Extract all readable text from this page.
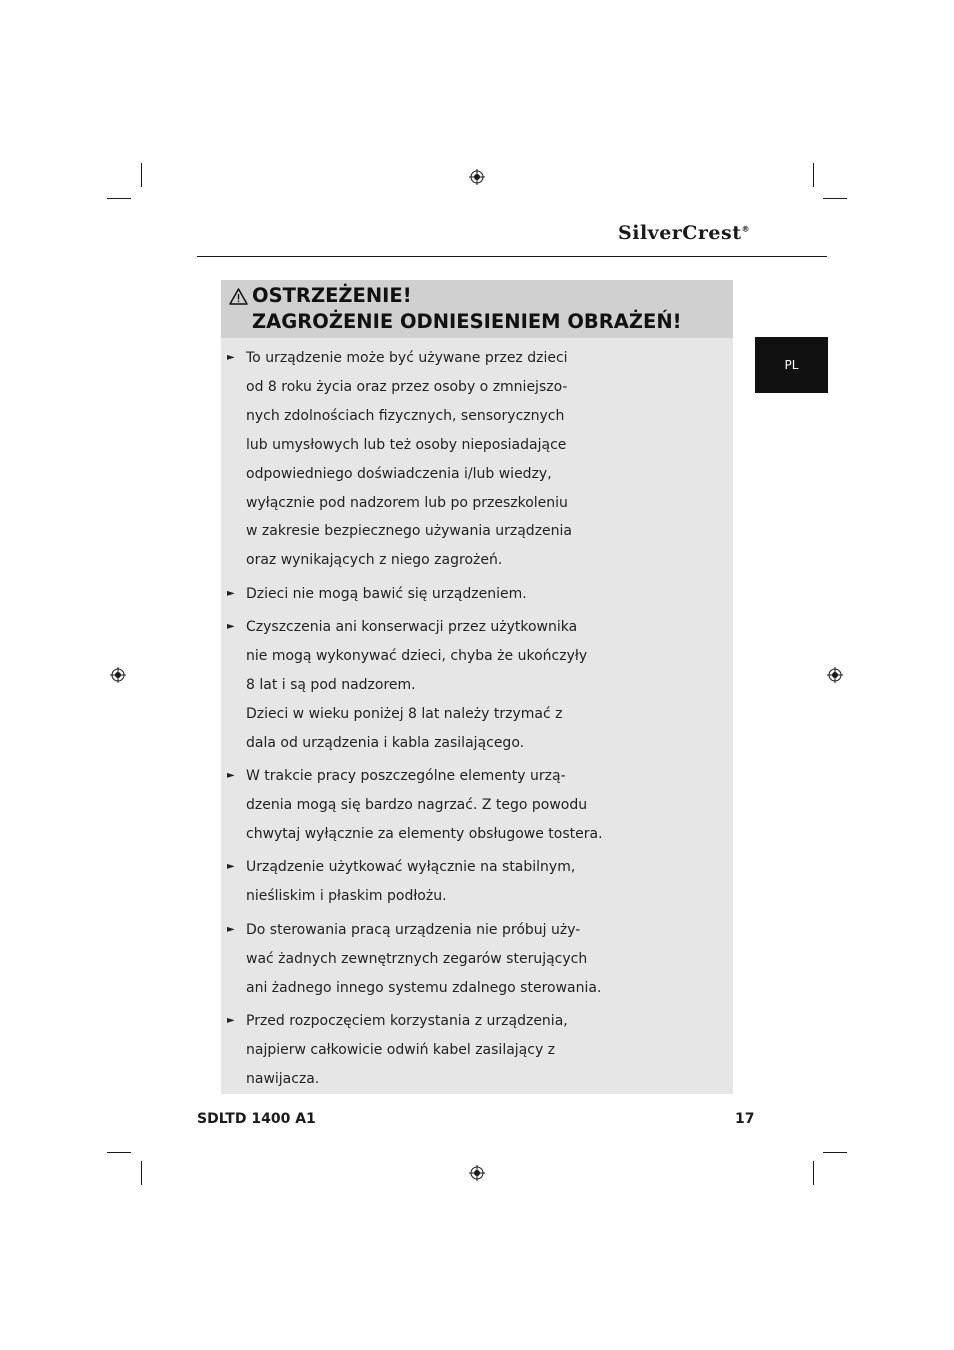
SilverCrest®
PL
OSTRZEŻENIE!
ZAGROŻENIE ODNIESIENIEM OBRAŻEŃ!
► To urządzenie może być używane przez dzieci
od 8 roku życia oraz przez osoby o zmniejszo-
nych zdolnościach fizycznych, sensorycznych
lub umysłowych lub też osoby nieposiadające
odpowiedniego doświadczenia i/lub wiedzy,
wyłącznie pod nadzorem lub po przeszkoleniu
w zakresie bezpiecznego używania urządzenia
oraz wynikających z niego zagrożeń.
► Dzieci nie mogą bawić się urządzeniem.
► Czyszczenia ani konserwacji przez użytkownika
nie mogą wykonywać dzieci, chyba że ukończyły
8 lat i są pod nadzorem.
Dzieci w wieku poniżej 8 lat należy trzymać z
dala od urządzenia i kabla zasilającego.
► W trakcie pracy poszczególne elementy urzą-
dzenia mogą się bardzo nagrzać. Z tego powodu
chwytaj wyłącznie za elementy obsługowe tostera.
► Urządzenie użytkować wyłącznie na stabilnym,
nieśliskim i płaskim podłożu.
► Do sterowania pracą urządzenia nie próbuj uży-
wać żadnych zewnętrznych zegarów sterujących
ani żadnego innego systemu zdalnego sterowania.
► Przed rozpoczęciem korzystania z urządzenia,
najpierw całkowicie odwiń kabel zasilający z
nawijacza.
SDLTD 1400 A1	17
